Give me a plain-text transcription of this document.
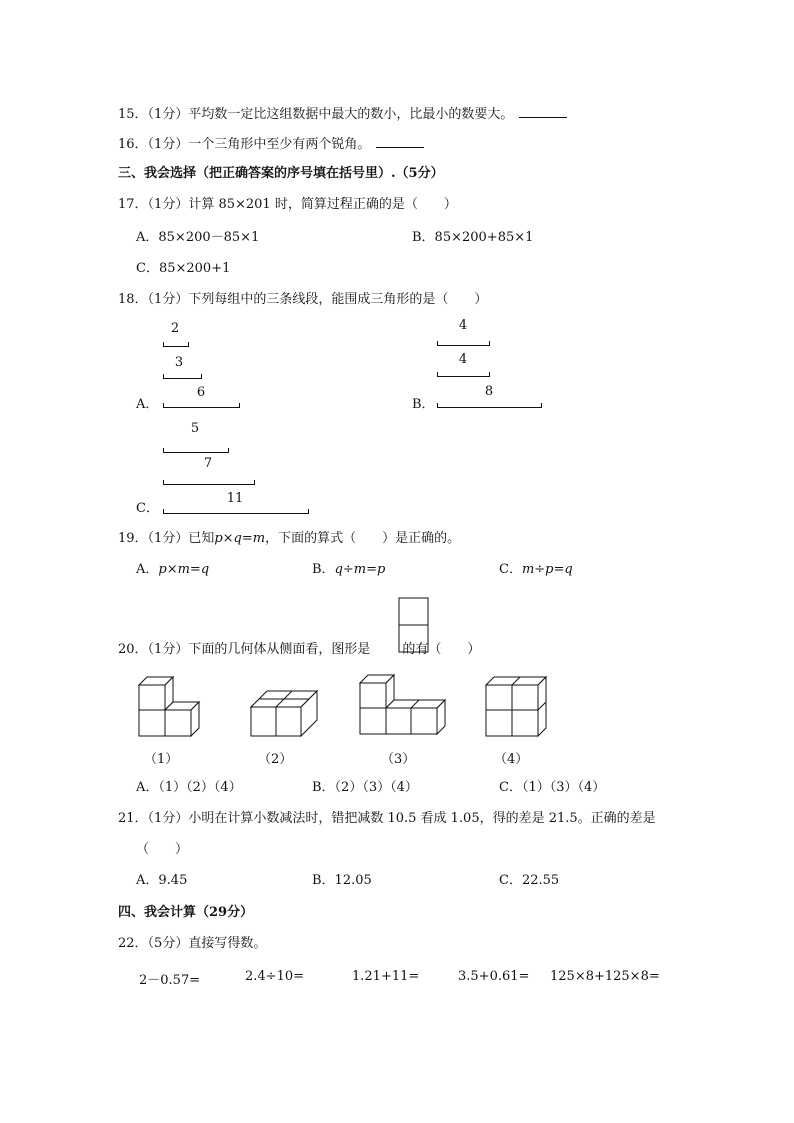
15．（1分）平均数一定比这组数据中最大的数小，比最小的数要大。
16．（1分）一个三角形中至少有两个锐角。
三、我会选择（把正确答案的序号填在括号里）.（5分）
17．（1分）计算 85×201 时，简算过程正确的是（　　）
A．85×200－85×1	B．85×200+85×1
C．85×200+1
18．（1分）下列每组中的三条线段，能围成三角形的是（　　）
2
3
A．
6
4
4
B．
8
5
7
C．
11
19．（1分）已知p×q=m，下面的算式（　　）是正确的。
A．p×m=q	B．q÷m=p	C．m÷p=q
20．（1分）下面的几何体从侧面看，图形是 的有（　　）
（1）	（2）	（3）	（4）
A．（1）（2）（4）	B．（2）（3）（4）	C．（1）（3）（4）
21．（1分）小明在计算小数减法时，错把减数 10.5 看成 1.05，得的差是 21.5。正确的差是
（　　）
A．9.45	B．12.05	C．22.55
四、我会计算（29分）
22．（5分）直接写得数。
2－0.57=	2.4÷10=	1.21+11=	3.5+0.61= 125×8+125×8=
